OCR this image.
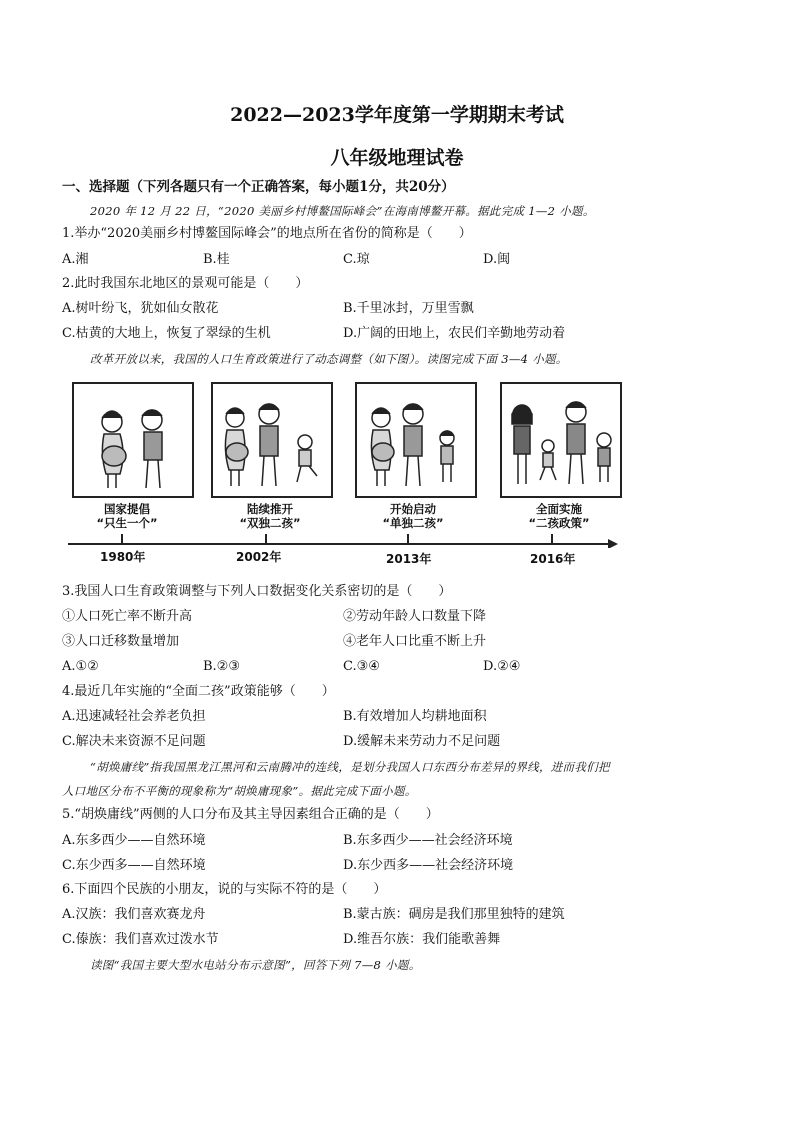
2022—2023学年度第一学期期末考试
八年级地理试卷
一、选择题（下列各题只有一个正确答案，每小题1分，共20分）
2020 年 12 月 22 日，“2020 美丽乡村博鳌国际峰会”在海南博鳌开幕。据此完成 1—2 小题。
1.举办“2020美丽乡村博鳌国际峰会”的地点所在省份的简称是（　　）
A.湘	B.桂	C.琼	D.闽
2.此时我国东北地区的景观可能是（　　）
A.树叶纷飞，犹如仙女散花	B.千里冰封，万里雪飘
C.枯黄的大地上，恢复了翠绿的生机	D.广阔的田地上，农民们辛勤地劳动着
改革开放以来，我国的人口生育政策进行了动态调整（如下图）。读图完成下面 3—4 小题。
国家提倡
“只生一个”
陆续推开
“双独二孩”
开始启动
“单独二孩”
全面实施
“二孩政策”
1980年	2002年	2013年	2016年
3.我国人口生育政策调整与下列人口数据变化关系密切的是（　　）
①人口死亡率不断升高	②劳动年龄人口数量下降
③人口迁移数量增加	④老年人口比重不断上升
A.①②	B.②③	C.③④	D.②④
4.最近几年实施的“全面二孩”政策能够（　　）
A.迅速减轻社会养老负担	B.有效增加人均耕地面积
C.解决未来资源不足问题	D.缓解未来劳动力不足问题
“胡焕庸线”指我国黑龙江黑河和云南腾冲的连线，是划分我国人口东西分布差异的界线，进而我们把
人口地区分布不平衡的现象称为“胡焕庸现象”。据此完成下面小题。
5.“胡焕庸线”两侧的人口分布及其主导因素组合正确的是（　　）
A.东多西少——自然环境	B.东多西少——社会经济环境
C.东少西多——自然环境	D.东少西多——社会经济环境
6.下面四个民族的小朋友，说的与实际不符的是（　　）
A.汉族：我们喜欢赛龙舟	B.蒙古族：碉房是我们那里独特的建筑
C.傣族：我们喜欢过泼水节	D.维吾尔族：我们能歌善舞
读图“我国主要大型水电站分布示意图”，回答下列 7—8 小题。
